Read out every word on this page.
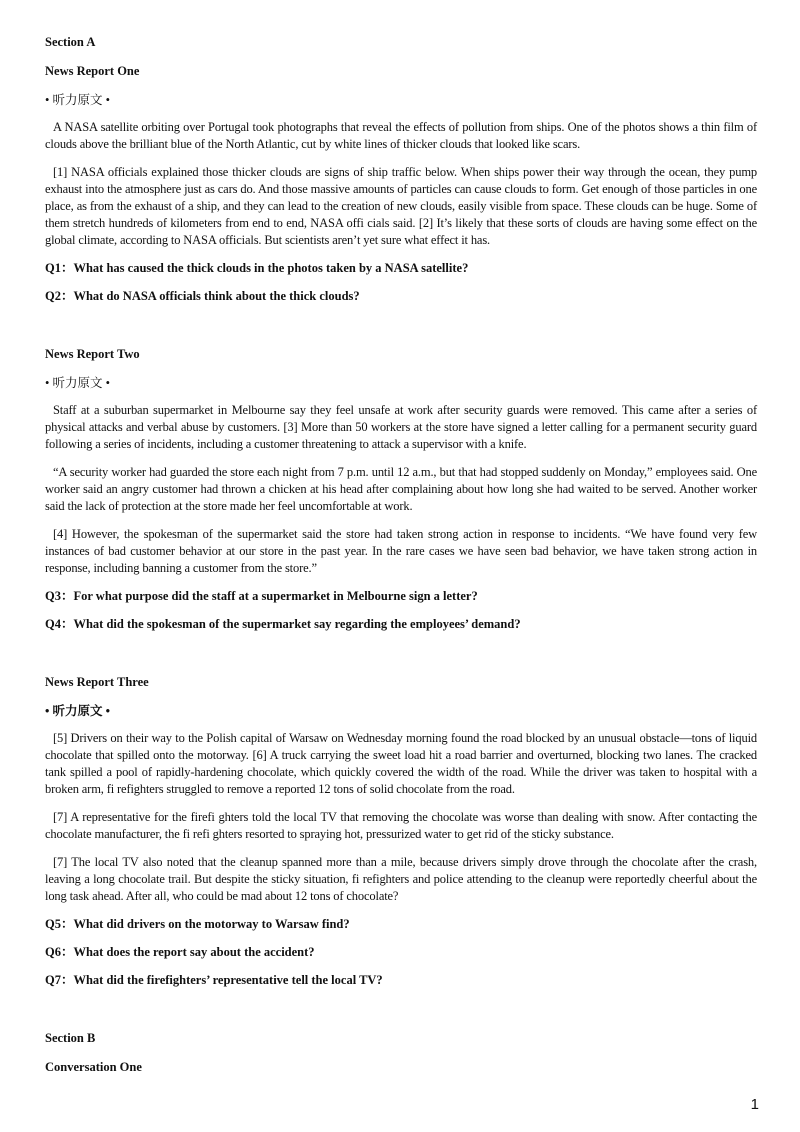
Section A
News Report One
• 听力原文 •

A NASA satellite orbiting over Portugal took photographs that reveal the effects of pollution from ships. One of the photos shows a thin film of clouds above the brilliant blue of the North Atlantic, cut by white lines of thicker clouds that looked like scars.

[1] NASA officials explained those thicker clouds are signs of ship traffic below. When ships power their way through the ocean, they pump exhaust into the atmosphere just as cars do. And those massive amounts of particles can cause clouds to form. Get enough of those particles in one place, as from the exhaust of a ship, and they can lead to the creation of new clouds, easily visible from space. These clouds can be huge. Some of them stretch hundreds of kilometers from end to end, NASA offi cials said. [2] It’s likely that these sorts of clouds are having some effect on the global climate, according to NASA officials. But scientists aren’t yet sure what effect it has.

Q1：What has caused the thick clouds in the photos taken by a NASA satellite?
Q2：What do NASA officials think about the thick clouds?
News Report Two
• 听力原文 •

Staff at a suburban supermarket in Melbourne say they feel unsafe at work after security guards were removed. This came after a series of physical attacks and verbal abuse by customers. [3] More than 50 workers at the store have signed a letter calling for a permanent security guard following a series of incidents, including a customer threatening to attack a supervisor with a knife.

“A security worker had guarded the store each night from 7 p.m. until 12 a.m., but that had stopped suddenly on Monday,” employees said. One worker said an angry customer had thrown a chicken at his head after complaining about how long she had waited to be served. Another worker said the lack of protection at the store made her feel uncomfortable at work.

[4] However, the spokesman of the supermarket said the store had taken strong action in response to incidents. “We have found very few instances of bad customer behavior at our store in the past year. In the rare cases we have seen bad behavior, we have taken strong action in response, including banning a customer from the store.”

Q3：For what purpose did the staff at a supermarket in Melbourne sign a letter?
Q4：What did the spokesman of the supermarket say regarding the employees’ demand?
News Report Three
• 听力原文 •

[5] Drivers on their way to the Polish capital of Warsaw on Wednesday morning found the road blocked by an unusual obstacle—tons of liquid chocolate that spilled onto the motorway. [6] A truck carrying the sweet load hit a road barrier and overturned, blocking two lanes. The cracked tank spilled a pool of rapidly-hardening chocolate, which quickly covered the width of the road. While the driver was taken to hospital with a broken arm, fi refighters struggled to remove a reported 12 tons of solid chocolate from the road.

[7] A representative for the firefi ghters told the local TV that removing the chocolate was worse than dealing with snow. After contacting the chocolate manufacturer, the fi refi ghters resorted to spraying hot, pressurized water to get rid of the sticky substance.

[7] The local TV also noted that the cleanup spanned more than a mile, because drivers simply drove through the chocolate after the crash, leaving a long chocolate trail. But despite the sticky situation, fi refighters and police attending to the cleanup were reportedly cheerful about the long task ahead. After all, who could be mad about 12 tons of chocolate?

Q5：What did drivers on the motorway to Warsaw find?
Q6：What does the report say about the accident?
Q7：What did the firefighters’ representative tell the local TV?
Section B
Conversation One
1
